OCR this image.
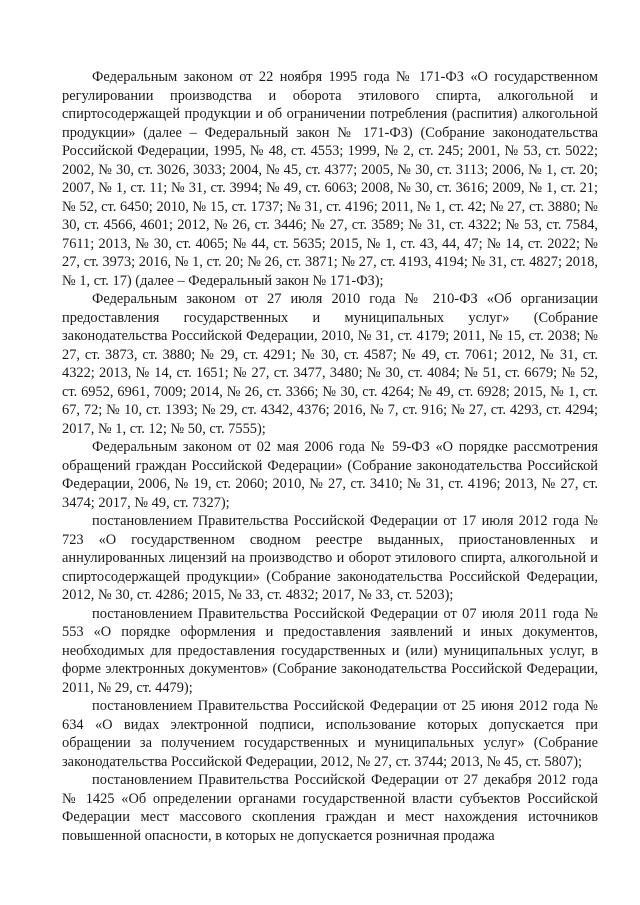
Федеральным законом от 22 ноября 1995 года № 171-ФЗ «О государственном регулировании производства и оборота этилового спирта, алкогольной и спиртосодержащей продукции и об ограничении потребления (распития) алкогольной продукции» (далее – Федеральный закон № 171-ФЗ) (Собрание законодательства Российской Федерации, 1995, № 48, ст. 4553; 1999, № 2, ст. 245; 2001, № 53, ст. 5022; 2002, № 30, ст. 3026, 3033; 2004, № 45, ст. 4377; 2005, № 30, ст. 3113; 2006, № 1, ст. 20; 2007, № 1, ст. 11; № 31, ст. 3994; № 49, ст. 6063; 2008, № 30, ст. 3616; 2009, № 1, ст. 21; № 52, ст. 6450; 2010, № 15, ст. 1737; № 31, ст. 4196; 2011, № 1, ст. 42; № 27, ст. 3880; № 30, ст. 4566, 4601; 2012, № 26, ст. 3446; № 27, ст. 3589; № 31, ст. 4322; № 53, ст. 7584, 7611; 2013, № 30, ст. 4065; № 44, ст. 5635; 2015, № 1, ст. 43, 44, 47; № 14, ст. 2022; № 27, ст. 3973; 2016, № 1, ст. 20; № 26, ст. 3871; № 27, ст. 4193, 4194; № 31, ст. 4827; 2018, № 1, ст. 17) (далее – Федеральный закон № 171-ФЗ);

Федеральным законом от 27 июля 2010 года № 210-ФЗ «Об организации предоставления государственных и муниципальных услуг» (Собрание законодательства Российской Федерации, 2010, № 31, ст. 4179; 2011, № 15, ст. 2038; № 27, ст. 3873, ст. 3880; № 29, ст. 4291; № 30, ст. 4587; № 49, ст. 7061; 2012, № 31, ст. 4322; 2013, № 14, ст. 1651; № 27, ст. 3477, 3480; № 30, ст. 4084; № 51, ст. 6679; № 52, ст. 6952, 6961, 7009; 2014, № 26, ст. 3366; № 30, ст. 4264; № 49, ст. 6928; 2015, № 1, ст. 67, 72; № 10, ст. 1393; № 29, ст. 4342, 4376; 2016, № 7, ст. 916; № 27, ст. 4293, ст. 4294; 2017, № 1, ст. 12; № 50, ст. 7555);

Федеральным законом от 02 мая 2006 года № 59-ФЗ «О порядке рассмотрения обращений граждан Российской Федерации» (Собрание законодательства Российской Федерации, 2006, № 19, ст. 2060; 2010, № 27, ст. 3410; № 31, ст. 4196; 2013, № 27, ст. 3474; 2017, № 49, ст. 7327);

постановлением Правительства Российской Федерации от 17 июля 2012 года № 723 «О государственном сводном реестре выданных, приостановленных и аннулированных лицензий на производство и оборот этилового спирта, алкогольной и спиртосодержащей продукции» (Собрание законодательства Российской Федерации, 2012, № 30, ст. 4286; 2015, № 33, ст. 4832; 2017, № 33, ст. 5203);

постановлением Правительства Российской Федерации от 07 июля 2011 года № 553 «О порядке оформления и предоставления заявлений и иных документов, необходимых для предоставления государственных и (или) муниципальных услуг, в форме электронных документов» (Собрание законодательства Российской Федерации, 2011, № 29, ст. 4479);

постановлением Правительства Российской Федерации от 25 июня 2012 года № 634 «О видах электронной подписи, использование которых допускается при обращении за получением государственных и муниципальных услуг» (Собрание законодательства Российской Федерации, 2012, № 27, ст. 3744; 2013, № 45, ст. 5807);

постановлением Правительства Российской Федерации от 27 декабря 2012 года № 1425 «Об определении органами государственной власти субъектов Российской Федерации мест массового скопления граждан и мест нахождения источников повышенной опасности, в которых не допускается розничная продажа
